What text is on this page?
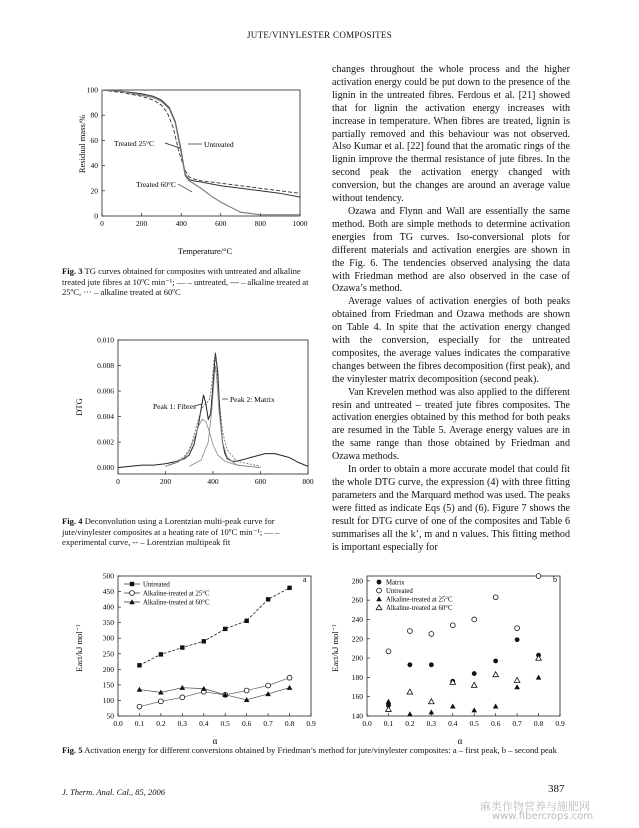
JUTE/VINYLESTER COMPOSITES
0	200	400	600	800	1000
0
20
40
60
80
100
Residual mass/%
Temperature/°C
Treated 25°C	Untreated
Treated 60°C
Fig. 3 TG curves obtained for composites with untreated and alkaline treated jute fibres at 10ºC min⁻¹; — – untreated, --- – alkaline treated at 25ºC, ··· – alkaline treated at 60ºC
0	200	400	600	800
0.000
0.002
0.004
0.006
0.008
0.010
DTG	Peak 1: Fibres
Peak 2: Matrix
Fig. 4 Deconvolution using a Lorentzian multi-peak curve for jute/vinylester composites at a heating rate of 10ºC min⁻¹; — – experimental curve, -- – Lorentzian multipeak fit

changes throughout the whole process and the higher activation energy could be put down to the presence of the lignin in the untreated fibres. Ferdous et al. [21] showed that for lignin the activation energy increases with increase in temperature. When fibres are treated, lignin is partially removed and this behaviour was not observed. Also Kumar et al. [22] found that the aromatic rings of the lignin improve the thermal resistance of jute fibres. In the second peak the activation energy changed with conversion, but the changes are around an average value without tendency.

Ozawa and Flynn and Wall are essentially the same method. Both are simple methods to determine activation energies from TG curves. Iso-conversional plots for different materials and activation energies are shown in the Fig. 6. The tendencies observed analysing the data with Friedman method are also observed in the case of Ozawa’s method.

Average values of activation energies of both peaks obtained from Friedman and Ozawa methods are shown on Table 4. In spite that the activation energy changed with the conversion, especially for the untreated composites, the average values indicates the comparative changes between the fibres decomposition (first peak), and the vinylester matrix decomposition (second peak).

Van Krevelen method was also applied to the different resin and untreated – treated jute fibres composites. The activation energies obtained by this method for both peaks are resumed in the Table 5. Average energy values are in the same range than those obtained by Friedman and Ozawa methods.

In order to obtain a more accurate model that could fit the whole DTG curve, the expression (4) with three fitting parameters and the Marquard method was used. The peaks were fitted as indicate Eqs (5) and (6). Figure 7 shows the result for DTG curve of one of the composites and Table 6 summarises all the k’, m and n values. This fitting method is important especially for

0.0 0.1 0.2 0.3 0.4 0.5 0.6 0.7 0.8 0.9
50
100
150
200
250
300
350
400
450
500
Eact/kJ mol⁻¹
α
a
Untreated
Alkaline-treated at 25°C
Alkaline-treated at 60°C
0.0 0.1 0.2 0.3 0.4 0.5 0.6 0.7 0.8 0.9
140
160
180
200
220
240
260
280
Eact/kJ mol⁻¹
α
b
Matrix
Untreated
Alkaline-treated at 25°C
Alkaline-treated at 60°C
Fig. 5 Activation energy for different conversions obtained by Friedman’s method for jute/vinylester composites: a – first peak, b – second peak
J. Therm. Anal. Cal., 85, 2006	387
麻类作物营养与施肥网
www.fibercrops.com
